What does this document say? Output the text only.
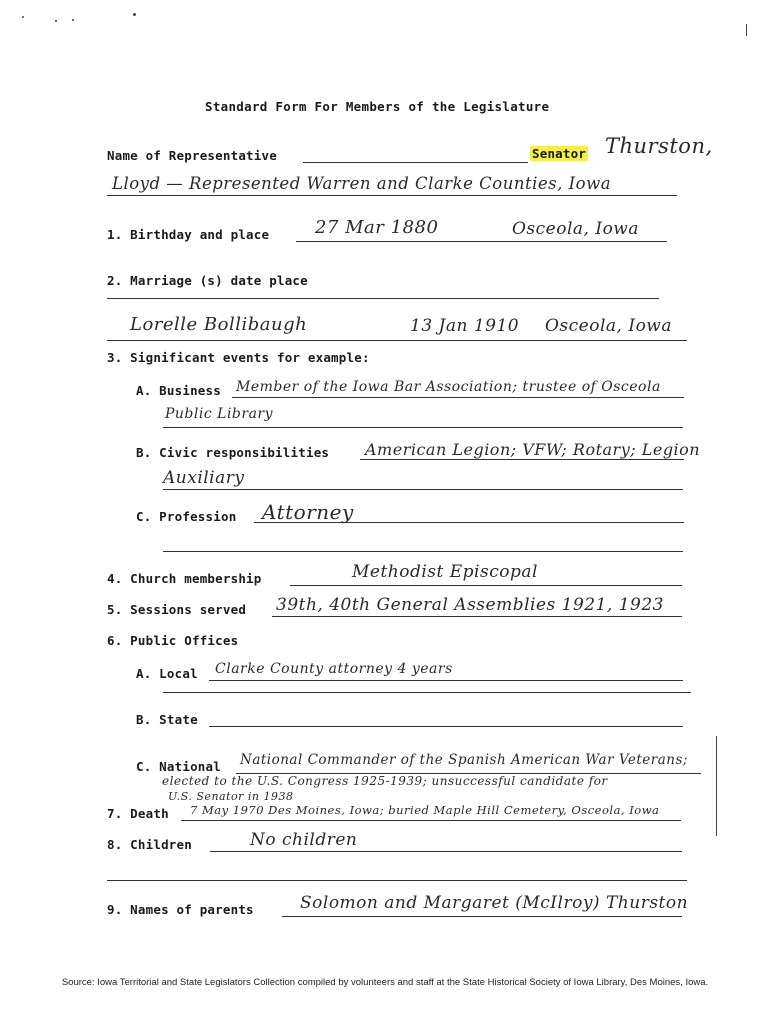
Standard Form For Members of the Legislature
Name of Representative	Senator Thurston,
Lloyd — Represented Warren and Clarke Counties, Iowa
1. Birthday and place	27 Mar 1880	Osceola, Iowa
2. Marriage (s) date place
Lorelle Bollibaugh	13 Jan 1910 Osceola, Iowa
3. Significant events for example:
A. Business Member of the Iowa Bar Association; trustee of Osceola
Public Library
B. Civic responsibilities American Legion; VFW; Rotary; Legion
Auxiliary
C. Profession Attorney
4. Church membership	Methodist Episcopal
5. Sessions served 39th, 40th General Assemblies 1921, 1923
6. Public Offices
A. Local Clarke County attorney 4 years
B. State
C. National National Commander of the Spanish American War Veterans;
elected to the U.S. Congress 1925-1939; unsuccessful candidate for
U.S. Senator in 1938
7. Death 7 May 1970 Des Moines, Iowa; buried Maple Hill Cemetery, Osceola, Iowa
8. Children	No children
9. Names of parents	Solomon and Margaret (McIlroy) Thurston
Source: Iowa Territorial and State Legislators Collection compiled by volunteers and staff at the State Historical Society of Iowa Library, Des Moines, Iowa.
